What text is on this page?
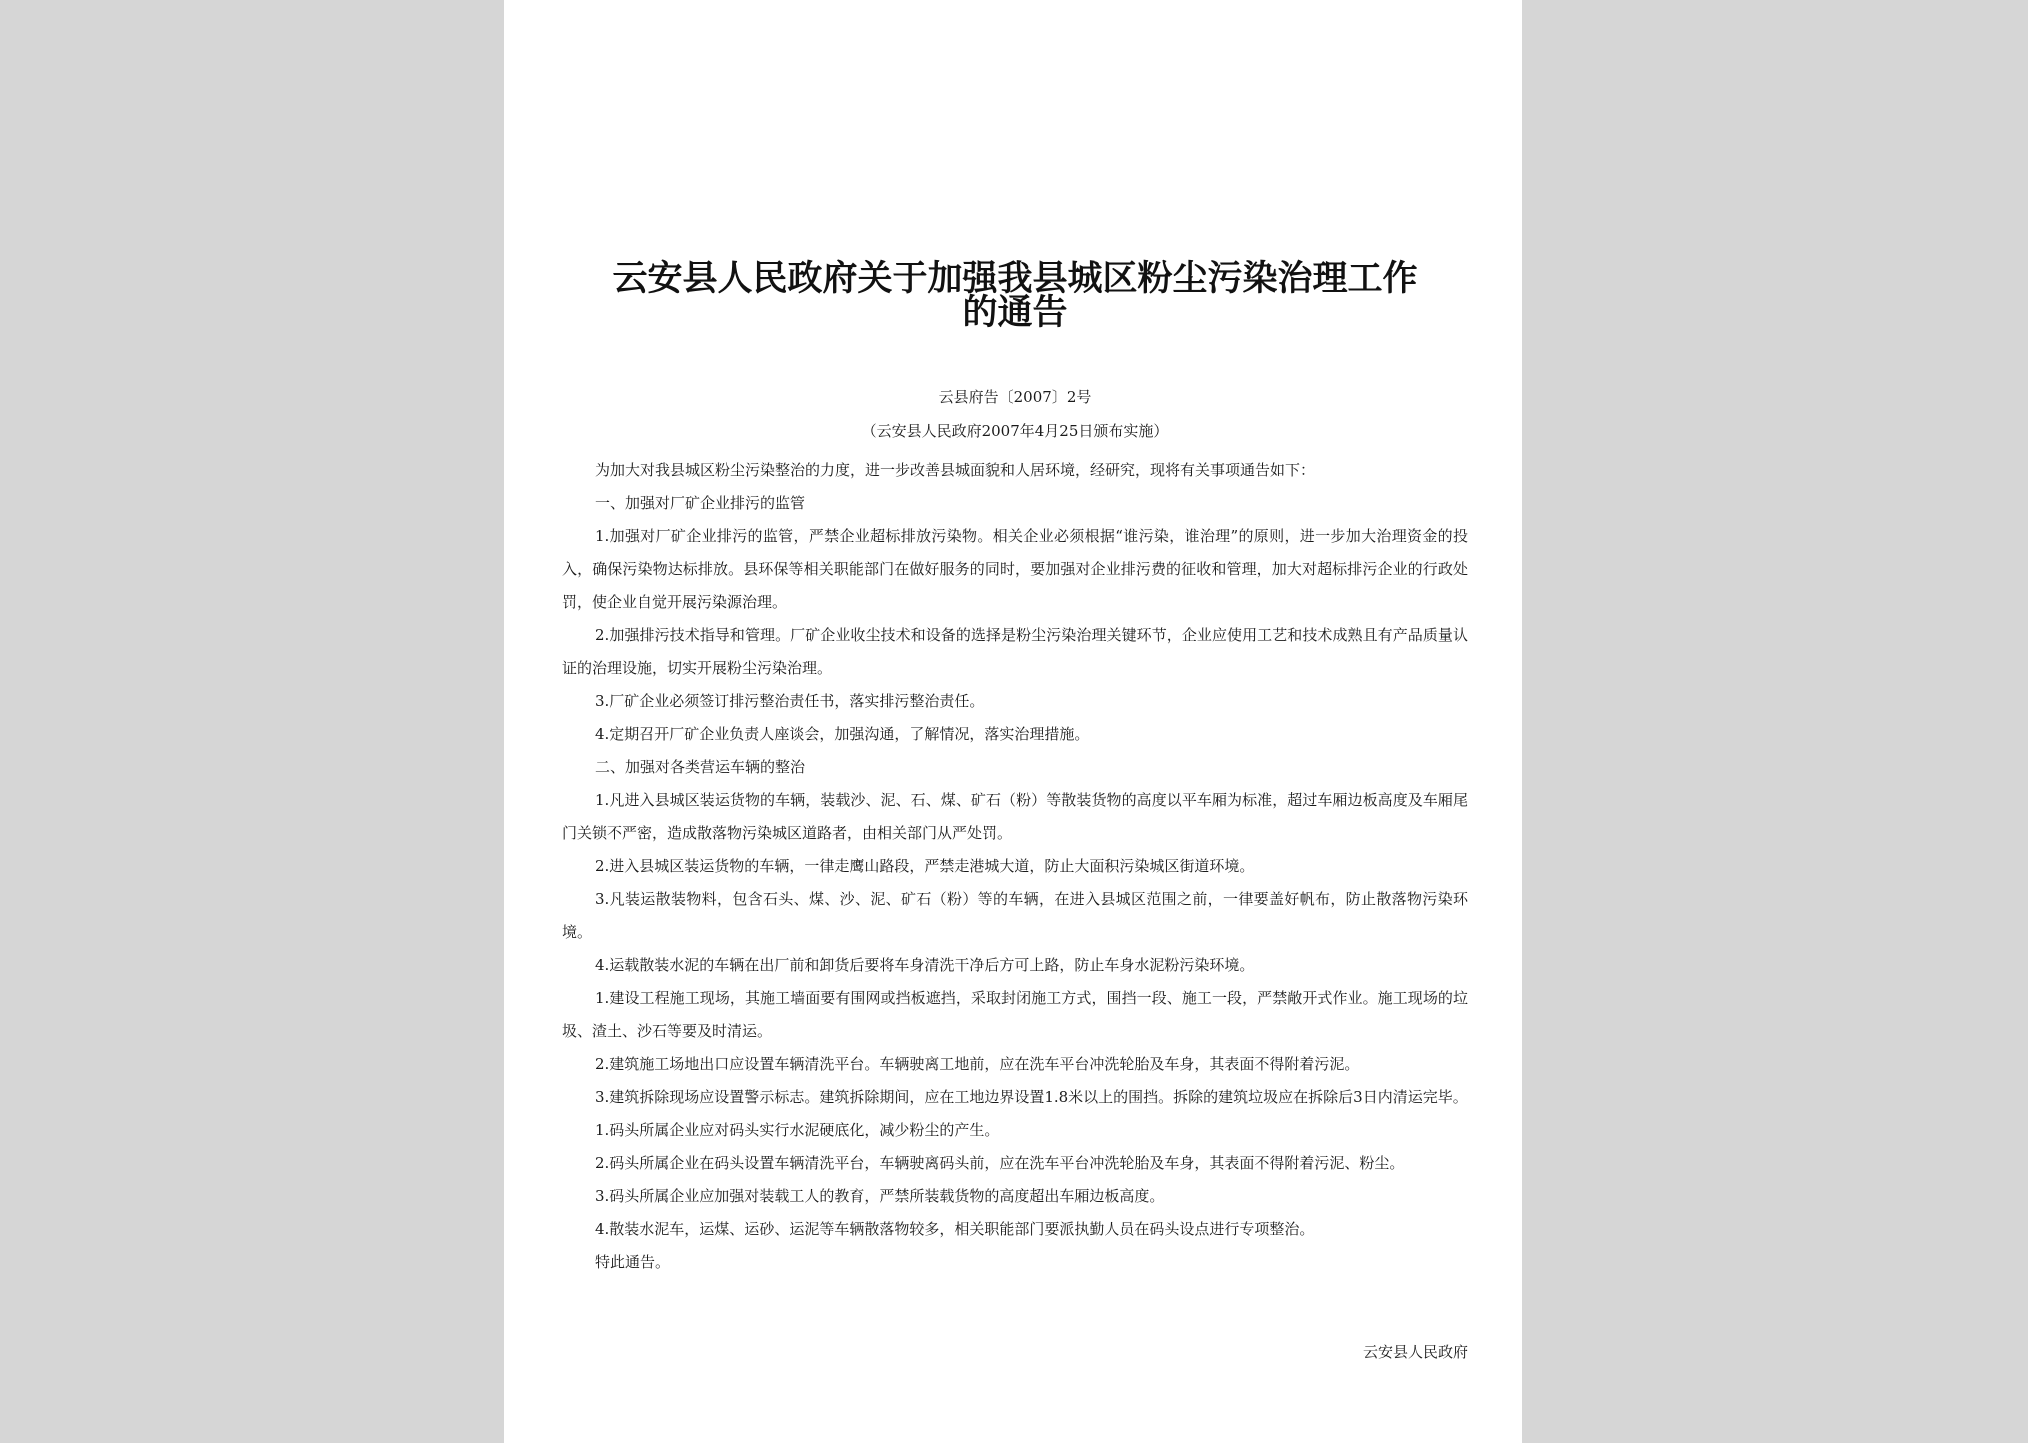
云安县人民政府关于加强我县城区粉尘污染治理工作
的通告
云县府告〔2007〕2号
（云安县人民政府2007年4月25日颁布实施）

为加大对我县城区粉尘污染整治的力度，进一步改善县城面貌和人居环境，经研究，现将有关事项通告如下：

一、加强对厂矿企业排污的监管

1.加强对厂矿企业排污的监管，严禁企业超标排放污染物。相关企业必须根据“谁污染，谁治理”的原则，进一步加大治理资金的投入，确保污染物达标排放。县环保等相关职能部门在做好服务的同时，要加强对企业排污费的征收和管理，加大对超标排污企业的行政处罚，使企业自觉开展污染源治理。

2.加强排污技术指导和管理。厂矿企业收尘技术和设备的选择是粉尘污染治理关键环节，企业应使用工艺和技术成熟且有产品质量认证的治理设施，切实开展粉尘污染治理。

3.厂矿企业必须签订排污整治责任书，落实排污整治责任。

4.定期召开厂矿企业负责人座谈会，加强沟通，了解情况，落实治理措施。

二、加强对各类营运车辆的整治

1.凡进入县城区装运货物的车辆，装载沙、泥、石、煤、矿石（粉）等散装货物的高度以平车厢为标准，超过车厢边板高度及车厢尾门关锁不严密，造成散落物污染城区道路者，由相关部门从严处罚。

2.进入县城区装运货物的车辆，一律走鹰山路段，严禁走港城大道，防止大面积污染城区街道环境。

3.凡装运散装物料，包含石头、煤、沙、泥、矿石（粉）等的车辆，在进入县城区范围之前，一律要盖好帆布，防止散落物污染环境。

4.运载散装水泥的车辆在出厂前和卸货后要将车身清洗干净后方可上路，防止车身水泥粉污染环境。

1.建设工程施工现场，其施工墙面要有围网或挡板遮挡，采取封闭施工方式，围挡一段、施工一段，严禁敞开式作业。施工现场的垃圾、渣土、沙石等要及时清运。

2.建筑施工场地出口应设置车辆清洗平台。车辆驶离工地前，应在洗车平台冲洗轮胎及车身，其表面不得附着污泥。

3.建筑拆除现场应设置警示标志。建筑拆除期间，应在工地边界设置1.8米以上的围挡。拆除的建筑垃圾应在拆除后3日内清运完毕。

1.码头所属企业应对码头实行水泥硬底化，减少粉尘的产生。

2.码头所属企业在码头设置车辆清洗平台，车辆驶离码头前，应在洗车平台冲洗轮胎及车身，其表面不得附着污泥、粉尘。

3.码头所属企业应加强对装载工人的教育，严禁所装载货物的高度超出车厢边板高度。

4.散装水泥车，运煤、运砂、运泥等车辆散落物较多，相关职能部门要派执勤人员在码头设点进行专项整治。

特此通告。

云安县人民政府
